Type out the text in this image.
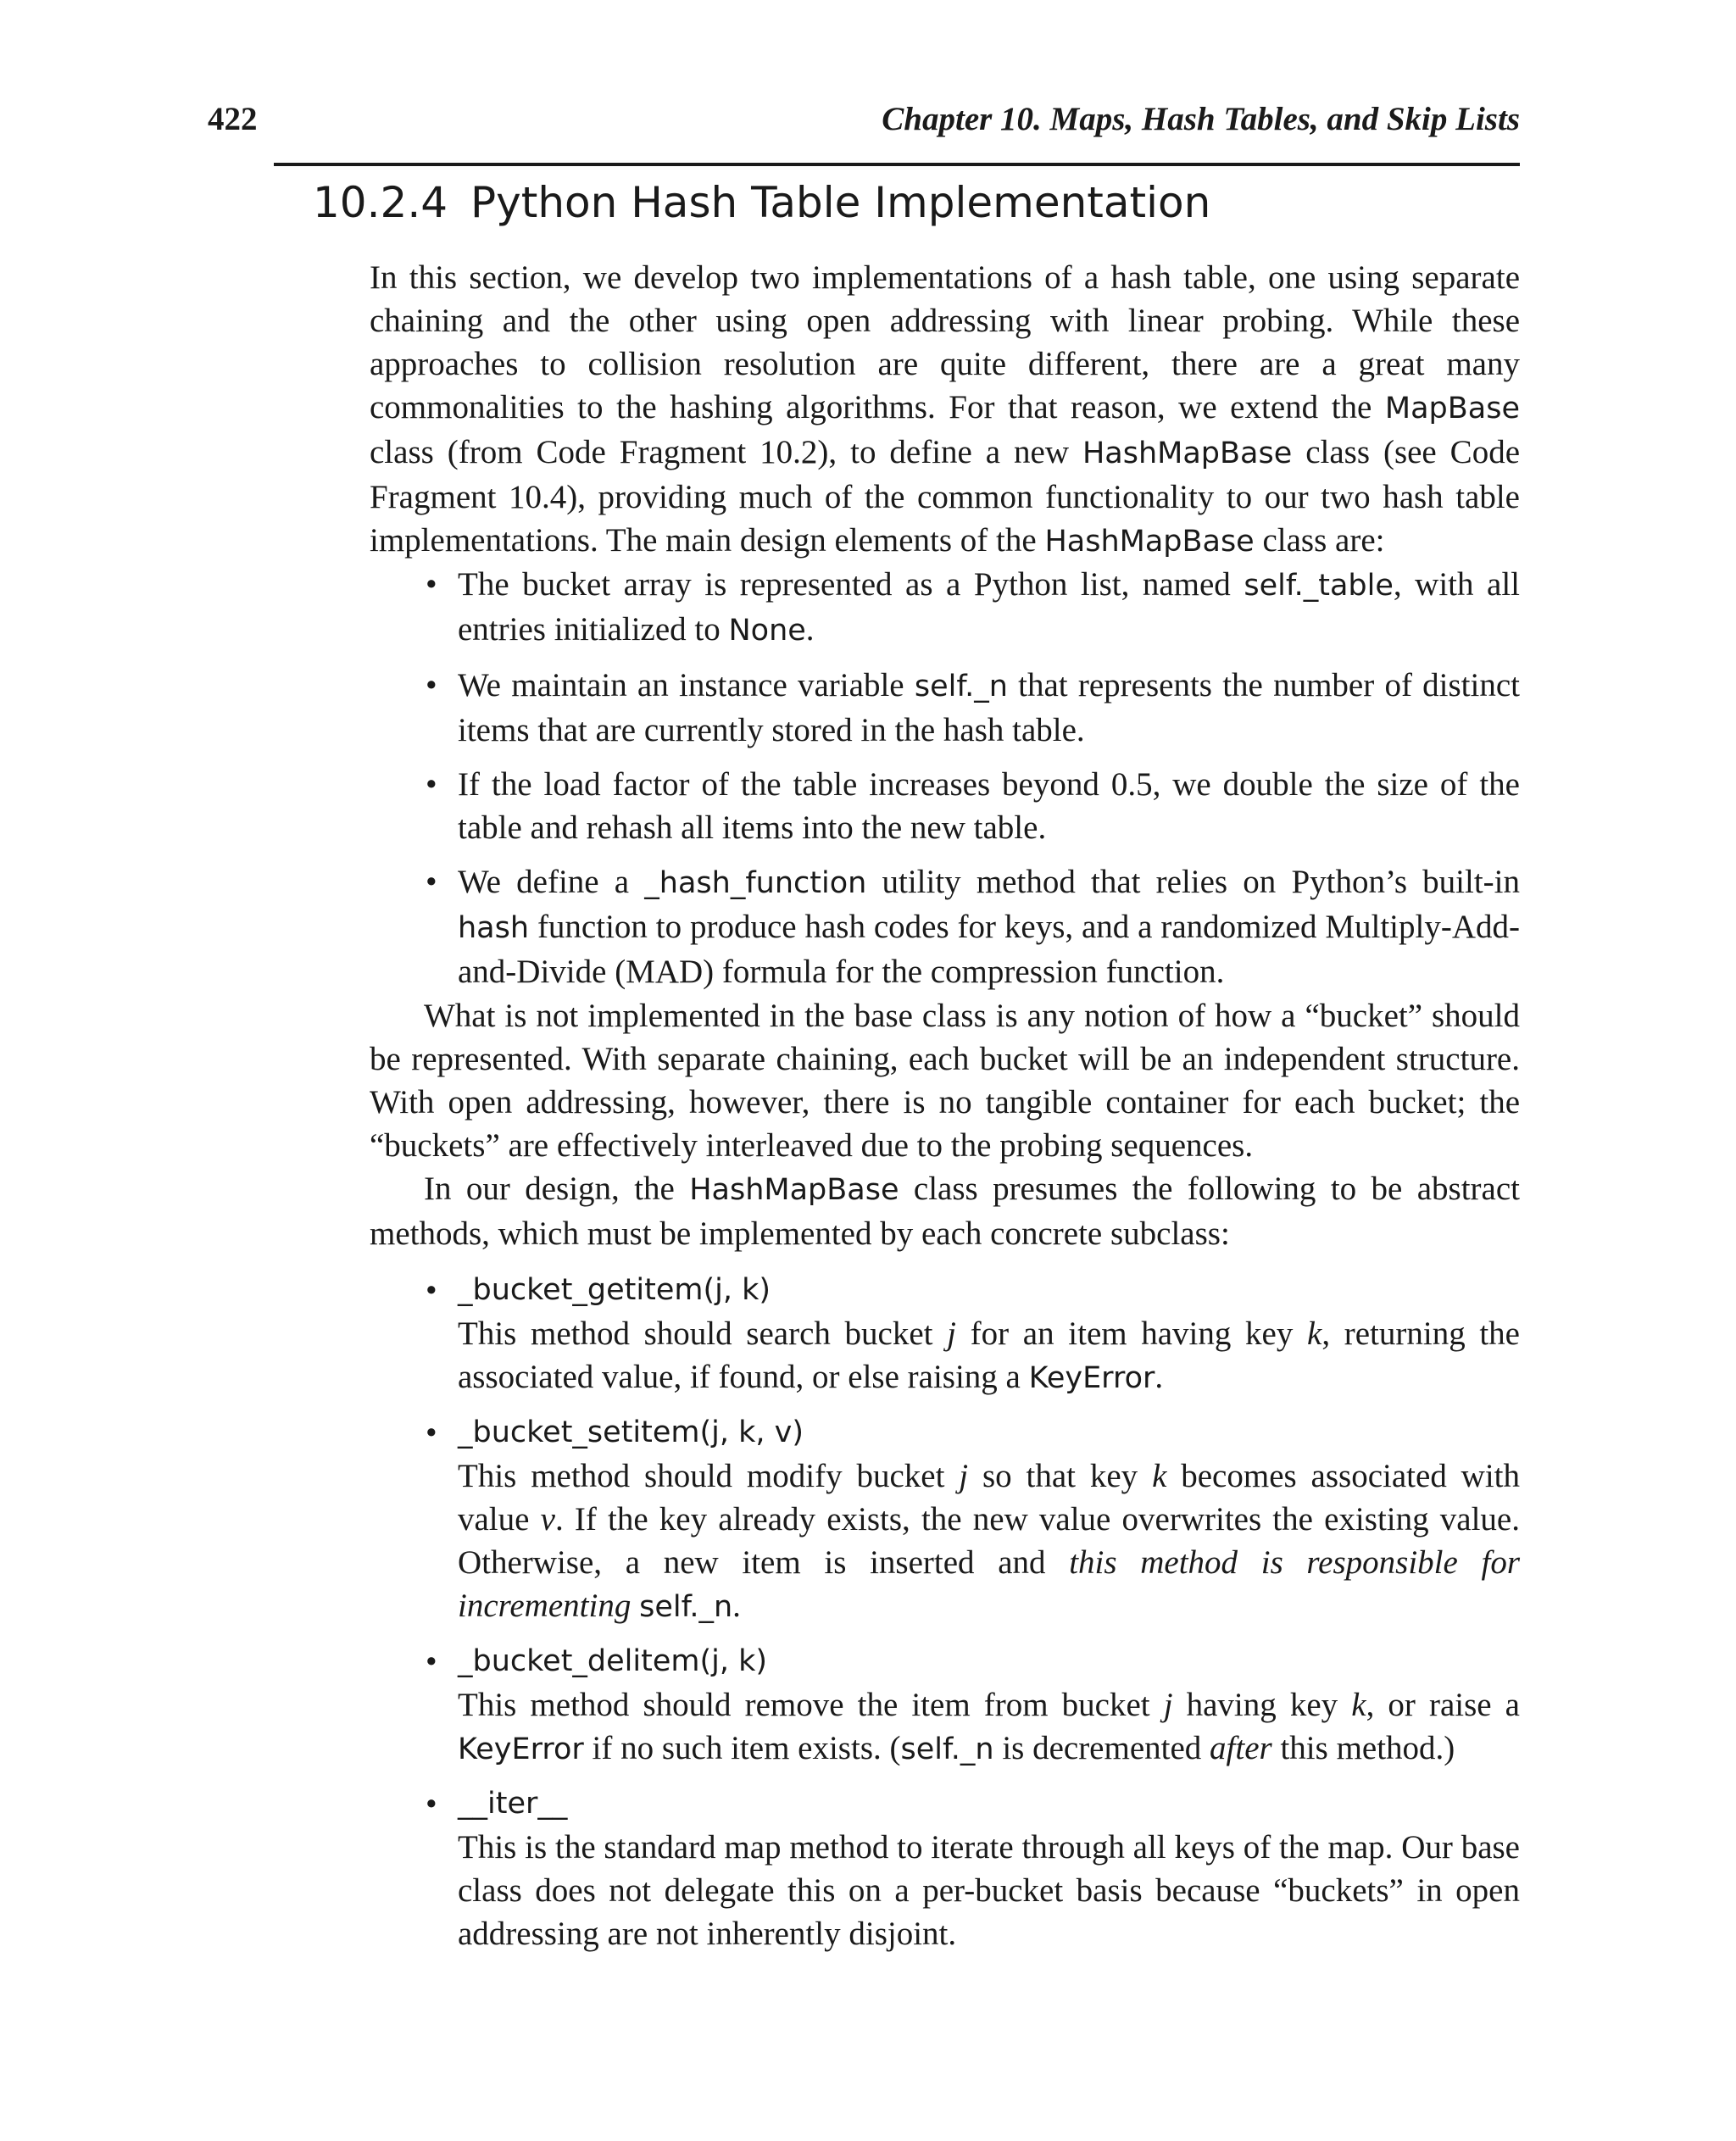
422	Chapter 10. Maps, Hash Tables, and Skip Lists
10.2.4 Python Hash Table Implementation

In this section, we develop two implementations of a hash table, one using separate chaining and the other using open addressing with linear probing. While these approaches to collision resolution are quite different, there are a great many commonalities to the hashing algorithms. For that reason, we extend the MapBase class (from Code Fragment 10.2), to define a new HashMapBase class (see Code Fragment 10.4), providing much of the common functionality to our two hash table implementations. The main design elements of the HashMapBase class are:

• The bucket array is represented as a Python list, named self._table, with all entries initialized to None.
• We maintain an instance variable self._n that represents the number of distinct items that are currently stored in the hash table.
• If the load factor of the table increases beyond 0.5, we double the size of the table and rehash all items into the new table.
• We define a _hash_function utility method that relies on Python’s built-in hash function to produce hash codes for keys, and a randomized Multiply-Add-and-Divide (MAD) formula for the compression function.

What is not implemented in the base class is any notion of how a “bucket” should be represented. With separate chaining, each bucket will be an independent structure. With open addressing, however, there is no tangible container for each bucket; the “buckets” are effectively interleaved due to the probing sequences.

In our design, the HashMapBase class presumes the following to be abstract methods, which must be implemented by each concrete subclass:

• _bucket_getitem(j, k)
This method should search bucket j for an item having key k, returning the associated value, if found, or else raising a KeyError.
• _bucket_setitem(j, k, v)
This method should modify bucket j so that key k becomes associated with value v. If the key already exists, the new value overwrites the existing value. Otherwise, a new item is inserted and this method is responsible for incrementing self._n.
• _bucket_delitem(j, k)
This method should remove the item from bucket j having key k, or raise a KeyError if no such item exists. (self._n is decremented after this method.)
• __iter__
This is the standard map method to iterate through all keys of the map. Our base class does not delegate this on a per-bucket basis because “buckets” in open addressing are not inherently disjoint.
